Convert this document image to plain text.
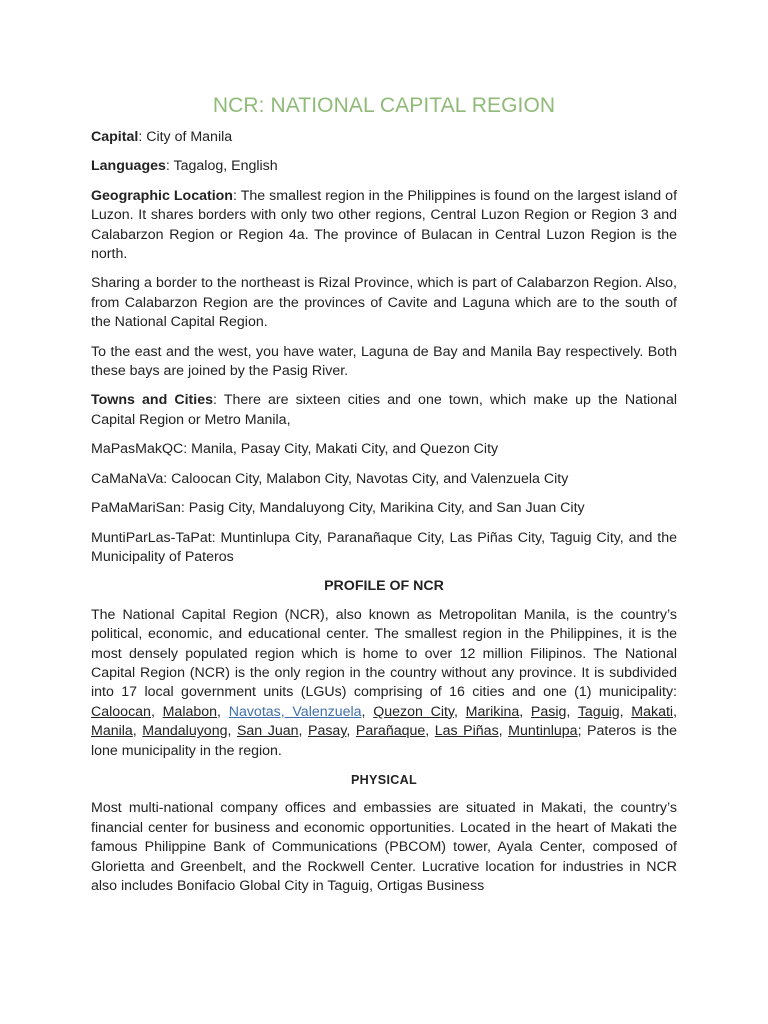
NCR: NATIONAL CAPITAL REGION

Capital: City of Manila

Languages: Tagalog, English

Geographic Location: The smallest region in the Philippines is found on the largest island of Luzon. It shares borders with only two other regions, Central Luzon Region or Region 3 and Calabarzon Region or Region 4a. The province of Bulacan in Central Luzon Region is the north.

Sharing a border to the northeast is Rizal Province, which is part of Calabarzon Region. Also, from Calabarzon Region are the provinces of Cavite and Laguna which are to the south of the National Capital Region.

To the east and the west, you have water, Laguna de Bay and Manila Bay respectively. Both these bays are joined by the Pasig River.

Towns and Cities: There are sixteen cities and one town, which make up the National Capital Region or Metro Manila,

MaPasMakQC: Manila, Pasay City, Makati City, and Quezon City

CaMaNaVa: Caloocan City, Malabon City, Navotas City, and Valenzuela City

PaMaMariSan: Pasig City, Mandaluyong City, Marikina City, and San Juan City

MuntiParLas-TaPat: Muntinlupa City, Paranañaque City, Las Piñas City, Taguig City, and the Municipality of Pateros

PROFILE OF NCR

The National Capital Region (NCR), also known as Metropolitan Manila, is the country’s political, economic, and educational center. The smallest region in the Philippines, it is the most densely populated region which is home to over 12 million Filipinos. The National Capital Region (NCR) is the only region in the country without any province. It is subdivided into 17 local government units (LGUs) comprising of 16 cities and one (1) municipality: Caloocan, Malabon, Navotas, Valenzuela, Quezon City, Marikina, Pasig, Taguig, Makati, Manila, Mandaluyong, San Juan, Pasay, Parañaque, Las Piñas, Muntinlupa; Pateros is the lone municipality in the region.

PHYSICAL

Most multi-national company offices and embassies are situated in Makati, the country’s financial center for business and economic opportunities. Located in the heart of Makati the famous Philippine Bank of Communications (PBCOM) tower, Ayala Center, composed of Glorietta and Greenbelt, and the Rockwell Center. Lucrative location for industries in NCR also includes Bonifacio Global City in Taguig, Ortigas Business
